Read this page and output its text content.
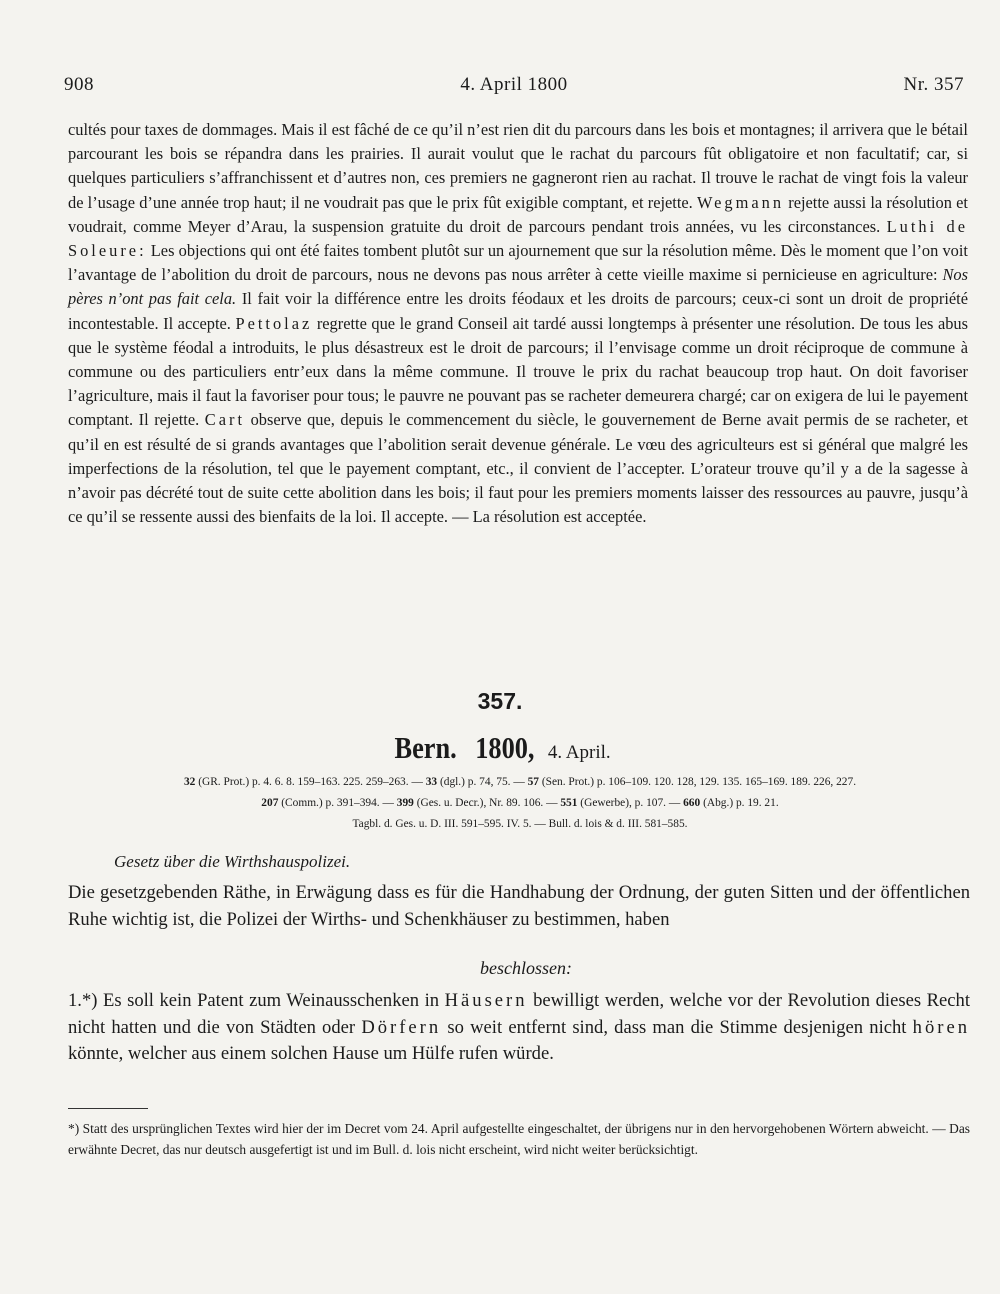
908	4. April 1800	Nr. 357

cultés pour taxes de dommages. Mais il est fâché de ce qu’il n’est rien dit du parcours dans les bois et montagnes; il arrivera que le bétail parcourant les bois se répandra dans les prairies. Il aurait voulut que le rachat du parcours fût obligatoire et non facultatif; car, si quelques particuliers s’affranchissent et d’autres non, ces premiers ne gagneront rien au rachat. Il trouve le rachat de vingt fois la valeur de l’usage d’une année trop haut; il ne voudrait pas que le prix fût exigible comptant, et rejette. Wegmann rejette aussi la résolution et voudrait, comme Meyer d’Arau, la suspension gratuite du droit de parcours pendant trois années, vu les circonstances. Luthi de Soleure: Les objections qui ont été faites tombent plutôt sur un ajournement que sur la résolution même. Dès le moment que l’on voit l’avantage de l’abolition du droit de parcours, nous ne devons pas nous arrêter à cette vieille maxime si pernicieuse en agriculture: Nos pères n’ont pas fait cela. Il fait voir la différence entre les droits féodaux et les droits de parcours; ceux-ci sont un droit de propriété incontestable. Il accepte. Pettolaz regrette que le grand Conseil ait tardé aussi longtemps à présenter une résolution. De tous les abus que le système féodal a introduits, le plus désastreux est le droit de parcours; il l’envisage comme un droit réciproque de commune à commune ou des particuliers entr’eux dans la même commune. Il trouve le prix du rachat beaucoup trop haut. On doit favoriser l’agriculture, mais il faut la favoriser pour tous; le pauvre ne pouvant pas se racheter demeurera chargé; car on exigera de lui le payement comptant. Il rejette. Cart observe que, depuis le commencement du siècle, le gouvernement de Berne avait permis de se racheter, et qu’il en est résulté de si grands avantages que l’abolition serait devenue générale. Le vœu des agriculteurs est si général que malgré les imperfections de la résolution, tel que le payement comptant, etc., il convient de l’accepter. L’orateur trouve qu’il y a de la sagesse à n’avoir pas décrété tout de suite cette abolition dans les bois; il faut pour les premiers moments laisser des ressources au pauvre, jusqu’à ce qu’il se ressente aussi des bienfaits de la loi. Il accepte. — La résolution est acceptée.

357.
Bern. 1800, 4. April.

32 (GR. Prot.) p. 4. 6. 8. 159–163. 225. 259–263. — 33 (dgl.) p. 74, 75. — 57 (Sen. Prot.) p. 106–109. 120. 128, 129. 135. 165–169. 189. 226, 227.

207 (Comm.) p. 391–394. — 399 (Ges. u. Decr.), Nr. 89. 106. — 551 (Gewerbe), p. 107. — 660 (Abg.) p. 19. 21.

Tagbl. d. Ges. u. D. III. 591–595. IV. 5. — Bull. d. lois & d. III. 581–585.

Gesetz über die Wirthshauspolizei.

Die gesetzgebenden Räthe, in Erwägung dass es für die Handhabung der Ordnung, der guten Sitten und der öffentlichen Ruhe wichtig ist, die Polizei der Wirths- und Schenkhäuser zu bestimmen, haben

beschlossen:

1.*) Es soll kein Patent zum Weinausschenken in Häusern bewilligt werden, welche vor der Revolution dieses Recht nicht hatten und die von Städten oder Dörfern so weit entfernt sind, dass man die Stimme desjenigen nicht hören könnte, welcher aus einem solchen Hause um Hülfe rufen würde.

*) Statt des ursprünglichen Textes wird hier der im Decret vom 24. April aufgestellte eingeschaltet, der übrigens nur in den hervorgehobenen Wörtern abweicht. — Das erwähnte Decret, das nur deutsch ausgefertigt ist und im Bull. d. lois nicht erscheint, wird nicht weiter berücksichtigt.
